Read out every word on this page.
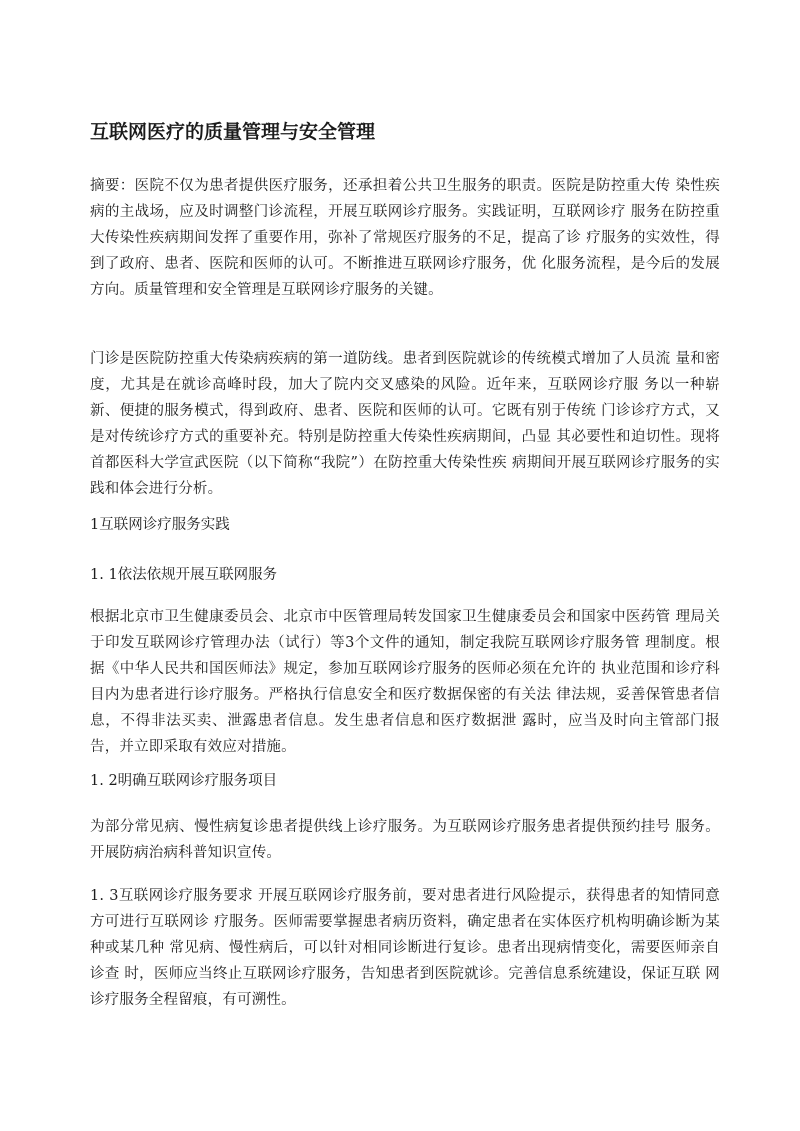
互联网医疗的质量管理与安全管理

摘要：医院不仅为患者提供医疗服务，还承担着公共卫生服务的职责。医院是防控重大传 染性疾病的主战场，应及时调整门诊流程，开展互联网诊疗服务。实践证明，互联网诊疗 服务在防控重大传染性疾病期间发挥了重要作用，弥补了常规医疗服务的不足，提高了诊 疗服务的实效性，得到了政府、患者、医院和医师的认可。不断推进互联网诊疗服务，优 化服务流程，是今后的发展方向。质量管理和安全管理是互联网诊疗服务的关键。

门诊是医院防控重大传染病疾病的第一道防线。患者到医院就诊的传统模式增加了人员流 量和密度，尤其是在就诊高峰时段，加大了院内交叉感染的风险。近年来，互联网诊疗服 务以一种崭新、便捷的服务模式，得到政府、患者、医院和医师的认可。它既有别于传统 门诊诊疗方式，又是对传统诊疗方式的重要补充。特别是防控重大传染性疾病期间，凸显 其必要性和迫切性。现将首都医科大学宣武医院（以下简称“我院”）在防控重大传染性疾 病期间开展互联网诊疗服务的实践和体会进行分析。

1互联网诊疗服务实践

1. 1依法依规开展互联网服务

根据北京市卫生健康委员会、北京市中医管理局转发国家卫生健康委员会和国家中医药管 理局关于印发互联网诊疗管理办法（试行）等3个文件的通知，制定我院互联网诊疗服务管 理制度。根据《中华人民共和国医师法》规定，参加互联网诊疗服务的医师必须在允许的 执业范围和诊疗科目内为患者进行诊疗服务。严格执行信息安全和医疗数据保密的有关法 律法规，妥善保管患者信息，不得非法买卖、泄露患者信息。发生患者信息和医疗数据泄 露时，应当及时向主管部门报告，并立即采取有效应对措施。

1. 2明确互联网诊疗服务项目

为部分常见病、慢性病复诊患者提供线上诊疗服务。为互联网诊疗服务患者提供预约挂号 服务。开展防病治病科普知识宣传。

1. 3互联网诊疗服务要求 开展互联网诊疗服务前，要对患者进行风险提示，获得患者的知情同意方可进行互联网诊 疗服务。医师需要掌握患者病历资料，确定患者在实体医疗机构明确诊断为某种或某几种 常见病、慢性病后，可以针对相同诊断进行复诊。患者出现病情变化，需要医师亲自诊查 时，医师应当终止互联网诊疗服务，告知患者到医院就诊。完善信息系统建设，保证互联 网诊疗服务全程留痕，有可溯性。
